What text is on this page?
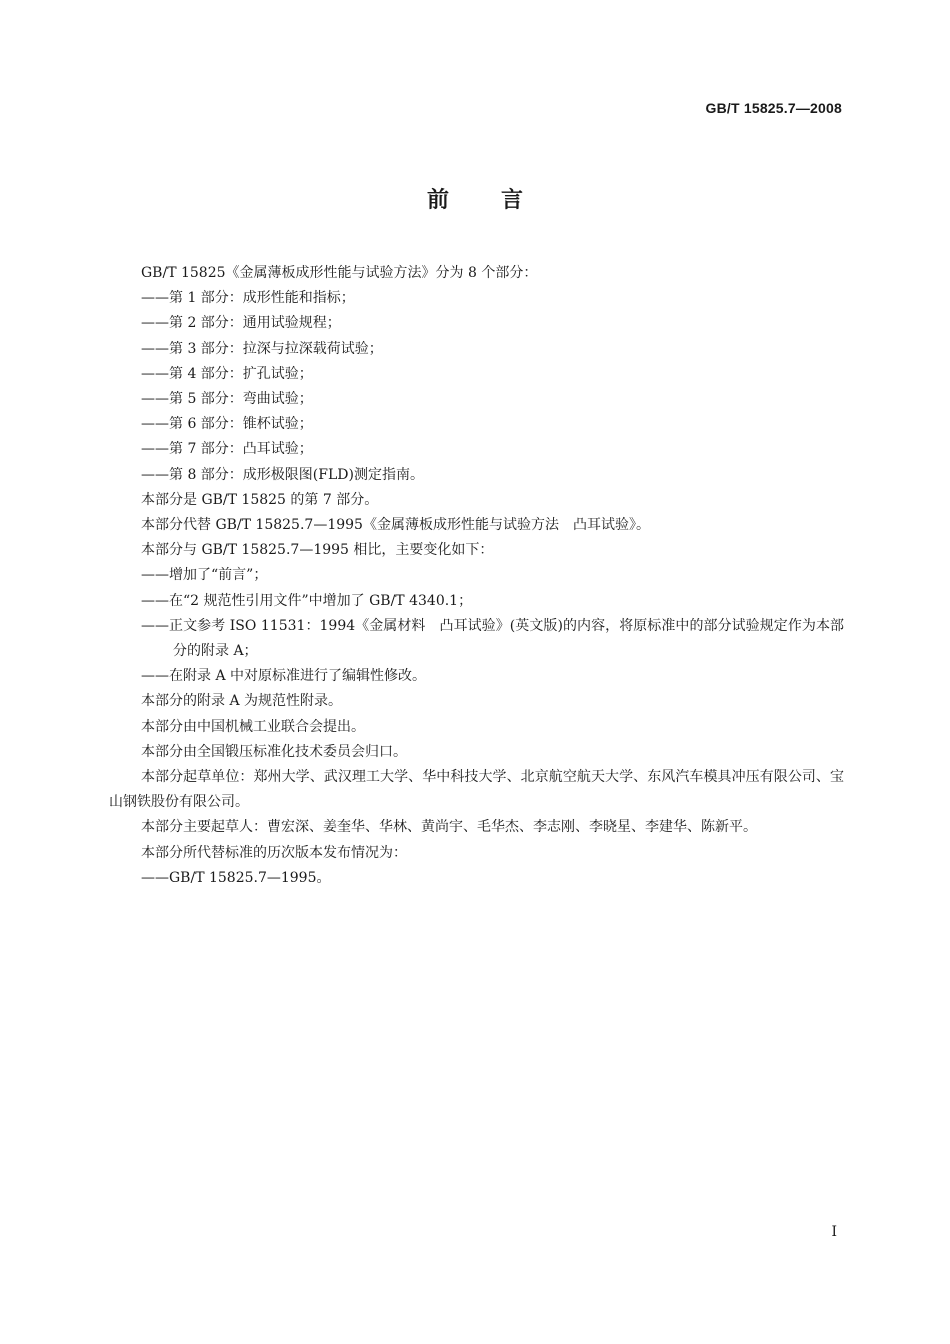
GB/T 15825.7—2008
前言
GB/T 15825《金属薄板成形性能与试验方法》分为 8 个部分：
——第 1 部分：成形性能和指标；
——第 2 部分：通用试验规程；
——第 3 部分：拉深与拉深载荷试验；
——第 4 部分：扩孔试验；
——第 5 部分：弯曲试验；
——第 6 部分：锥杯试验；
——第 7 部分：凸耳试验；
——第 8 部分：成形极限图(FLD)测定指南。
本部分是 GB/T 15825 的第 7 部分。
本部分代替 GB/T 15825.7—1995《金属薄板成形性能与试验方法　凸耳试验》。
本部分与 GB/T 15825.7—1995 相比，主要变化如下：
——增加了“前言”；
——在“2 规范性引用文件”中增加了 GB/T 4340.1；
——正文参考 ISO 11531：1994《金属材料　凸耳试验》(英文版)的内容，将原标准中的部分试验规定作为本部分的附录 A；
——在附录 A 中对原标准进行了编辑性修改。
本部分的附录 A 为规范性附录。
本部分由中国机械工业联合会提出。
本部分由全国锻压标准化技术委员会归口。
本部分起草单位：郑州大学、武汉理工大学、华中科技大学、北京航空航天大学、东风汽车模具冲压有限公司、宝山钢铁股份有限公司。
本部分主要起草人：曹宏深、姜奎华、华林、黄尚宇、毛华杰、李志刚、李晓星、李建华、陈新平。
本部分所代替标准的历次版本发布情况为：
——GB/T 15825.7—1995。
I
